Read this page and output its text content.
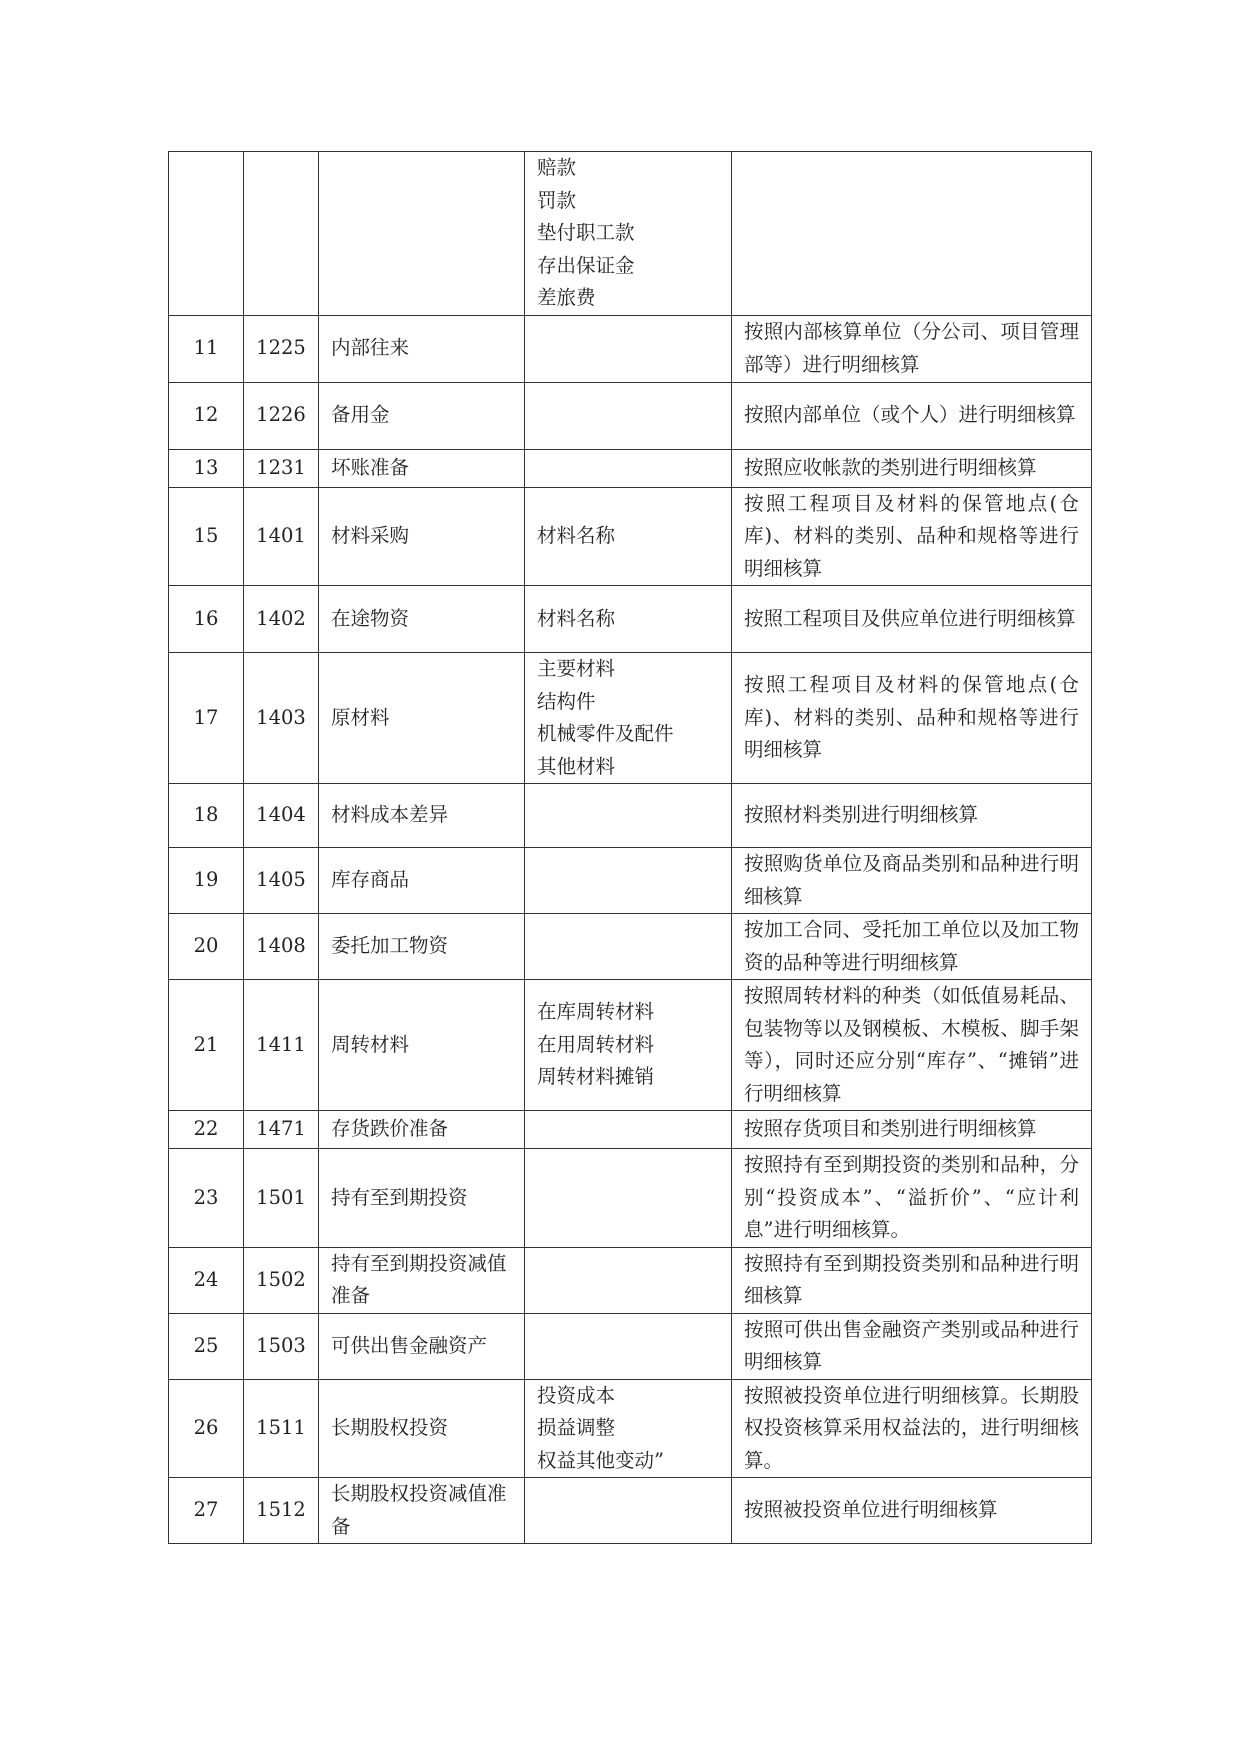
			赔款
罚款
垫付职工款
存出保证金
差旅费	
11	1225	内部往来		按照内部核算单位（分公司、项目管理部等）进行明细核算
12	1226	备用金		按照内部单位（或个人）进行明细核算
13	1231	坏账准备		按照应收帐款的类别进行明细核算
15	1401	材料采购	材料名称	按照工程项目及材料的保管地点(仓库)、材料的类别、品种和规格等进行明细核算
16	1402	在途物资	材料名称	按照工程项目及供应单位进行明细核算
17	1403	原材料	主要材料
结构件
机械零件及配件
其他材料	按照工程项目及材料的保管地点(仓库)、材料的类别、品种和规格等进行明细核算
18	1404	材料成本差异		按照材料类别进行明细核算
19	1405	库存商品		按照购货单位及商品类别和品种进行明细核算
20	1408	委托加工物资		按加工合同、受托加工单位以及加工物资的品种等进行明细核算
21	1411	周转材料	在库周转材料
在用周转材料
周转材料摊销	按照周转材料的种类（如低值易耗品、包装物等以及钢模板、木模板、脚手架等），同时还应分别“库存”、“摊销”进行明细核算
22	1471	存货跌价准备		按照存货项目和类别进行明细核算
23	1501	持有至到期投资		按照持有至到期投资的类别和品种，分别“投资成本”、“溢折价”、“应计利息”进行明细核算。
24	1502	持有至到期投资减值准备		按照持有至到期投资类别和品种进行明细核算
25	1503	可供出售金融资产		按照可供出售金融资产类别或品种进行明细核算
26	1511	长期股权投资	投资成本
损益调整
权益其他变动”	按照被投资单位进行明细核算。长期股权投资核算采用权益法的，进行明细核算。
27	1512	长期股权投资减值准备		按照被投资单位进行明细核算
